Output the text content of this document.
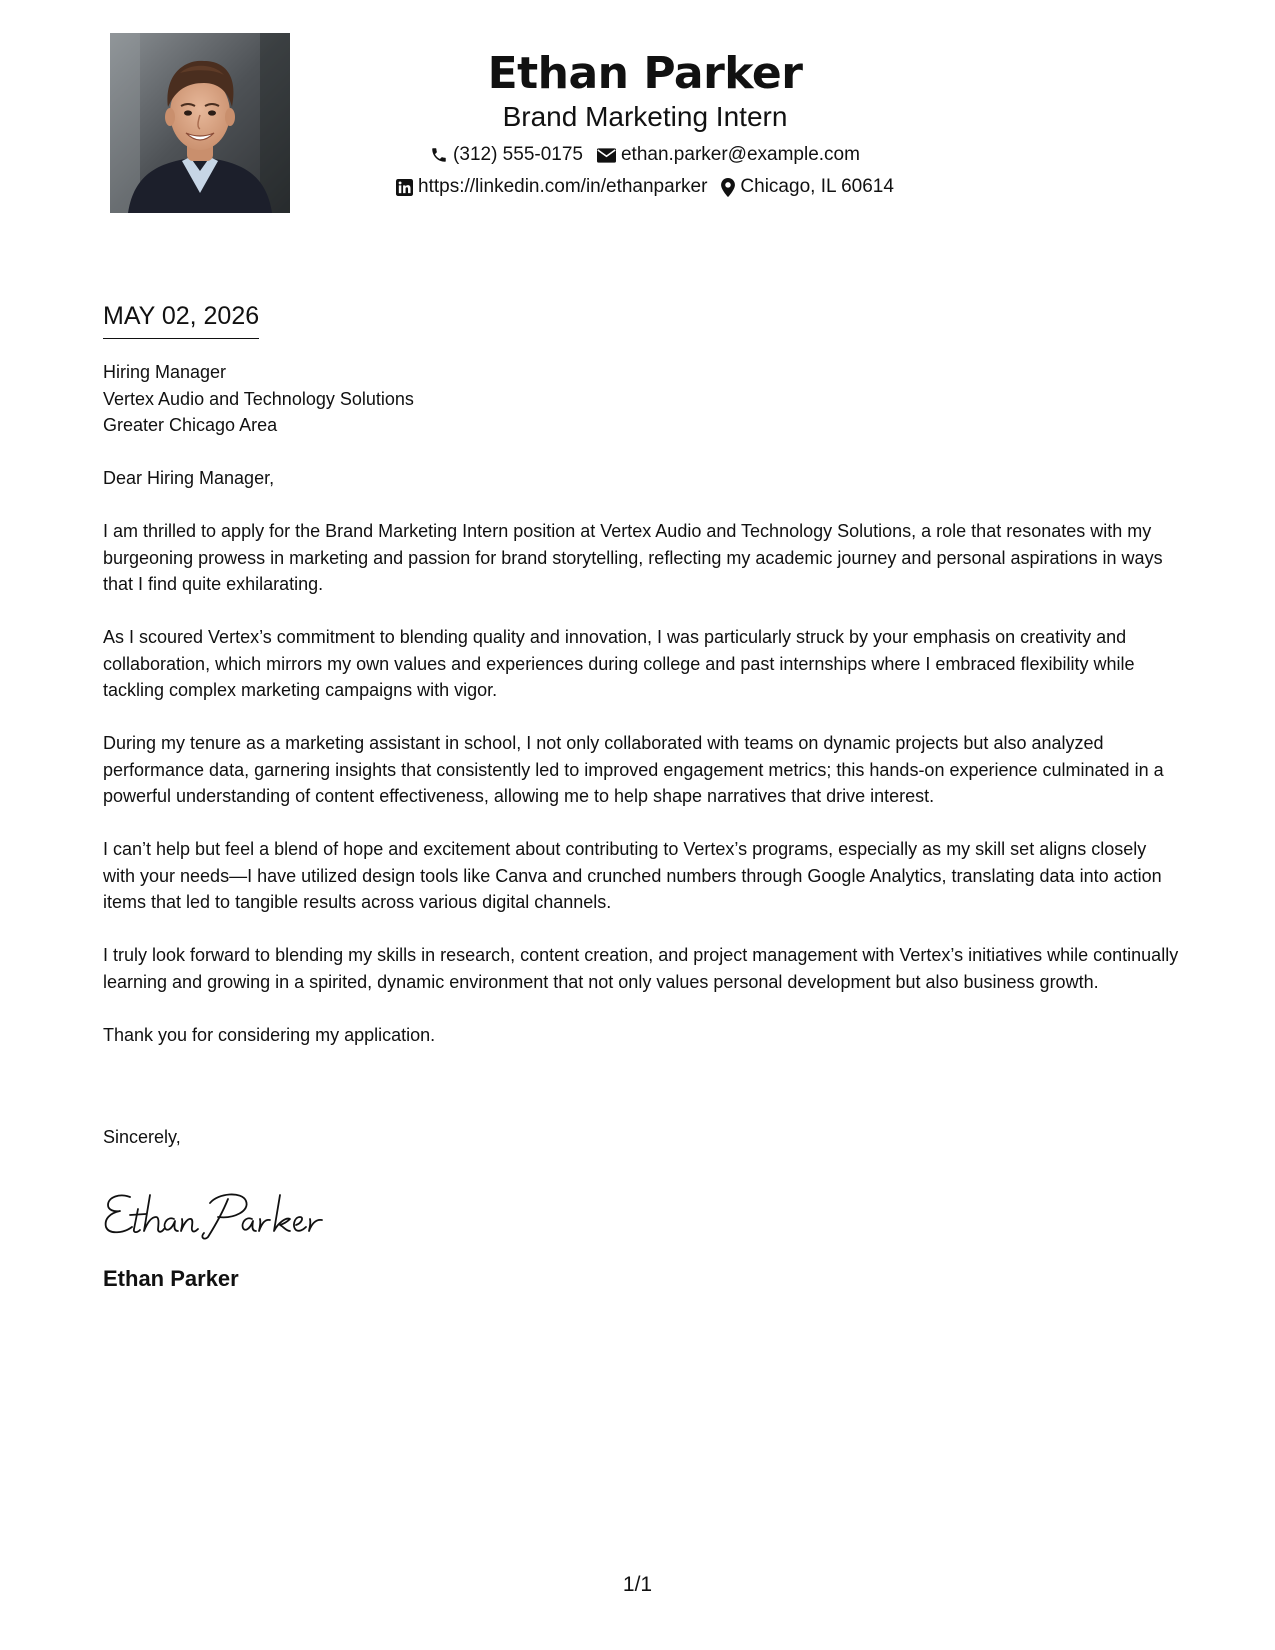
Ethan Parker
Brand Marketing Intern
(312) 555-0175 ethan.parker@example.com
https://linkedin.com/in/ethanparker Chicago, IL 60614
MAY 02, 2026
Hiring Manager
Vertex Audio and Technology Solutions
Greater Chicago Area
Dear Hiring Manager,

I am thrilled to apply for the Brand Marketing Intern position at Vertex Audio and Technology Solutions, a role that resonates with my burgeoning prowess in marketing and passion for brand storytelling, reflecting my academic journey and personal aspirations in ways that I find quite exhilarating.

As I scoured Vertex’s commitment to blending quality and innovation, I was particularly struck by your emphasis on creativity and collaboration, which mirrors my own values and experiences during college and past internships where I embraced flexibility while tackling complex marketing campaigns with vigor.

During my tenure as a marketing assistant in school, I not only collaborated with teams on dynamic projects but also analyzed performance data, garnering insights that consistently led to improved engagement metrics; this hands-on experience culminated in a powerful understanding of content effectiveness, allowing me to help shape narratives that drive interest.

I can’t help but feel a blend of hope and excitement about contributing to Vertex’s programs, especially as my skill set aligns closely with your needs—I have utilized design tools like Canva and crunched numbers through Google Analytics, translating data into action items that led to tangible results across various digital channels.

I truly look forward to blending my skills in research, content creation, and project management with Vertex’s initiatives while continually learning and growing in a spirited, dynamic environment that not only values personal development but also business growth.

Thank you for considering my application.

Sincerely,
Ethan Parker
1/1
